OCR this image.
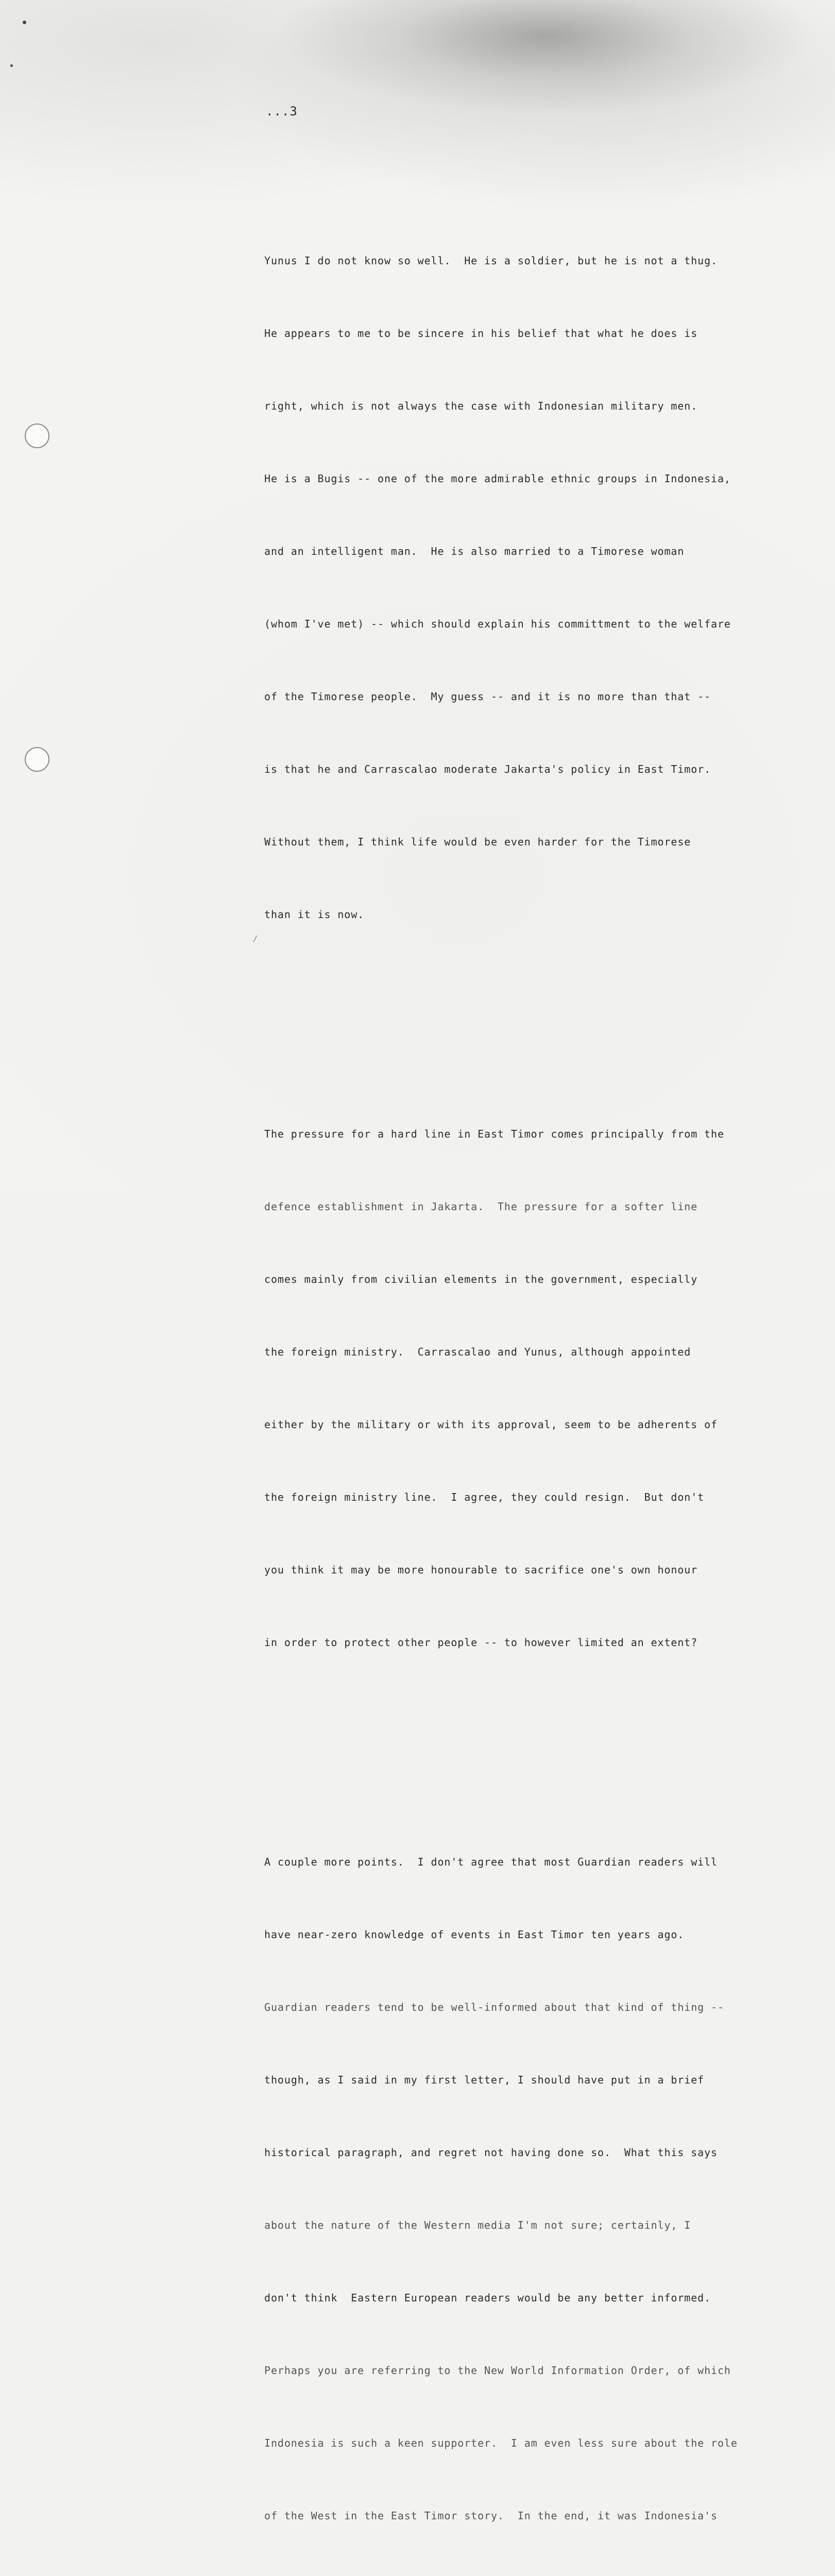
...3
⁄

Yunus I do not know so well.  He is a soldier, but he is not a thug.

He appears to me to be sincere in his belief that what he does is

right, which is not always the case with Indonesian military men.

He is a Bugis -- one of the more admirable ethnic groups in Indonesia,

and an intelligent man.  He is also married to a Timorese woman

(whom I've met) -- which should explain his committment to the welfare

of the Timorese people.  My guess -- and it is no more than that --

is that he and Carrascalao moderate Jakarta's policy in East Timor.

Without them, I think life would be even harder for the Timorese

than it is now.

The pressure for a hard line in East Timor comes principally from the

defence establishment in Jakarta.  The pressure for a softer line

comes mainly from civilian elements in the government, especially

the foreign ministry.  Carrascalao and Yunus, although appointed

either by the military or with its approval, seem to be adherents of

the foreign ministry line.  I agree, they could resign.  But don't

you think it may be more honourable to sacrifice one's own honour

in order to protect other people -- to however limited an extent?

A couple more points.  I don't agree that most Guardian readers will

have near-zero knowledge of events in East Timor ten years ago.

Guardian readers tend to be well-informed about that kind of thing --

though, as I said in my first letter, I should have put in a brief

historical paragraph, and regret not having done so.  What this says

about the nature of the Western media I'm not sure; certainly, I

don't think  Eastern European readers would be any better informed.

Perhaps you are referring to the New World Information Order, of which

Indonesia is such a keen supporter.  I am even less sure about the role

of the West in the East Timor story.  In the end, it was Indonesia's
